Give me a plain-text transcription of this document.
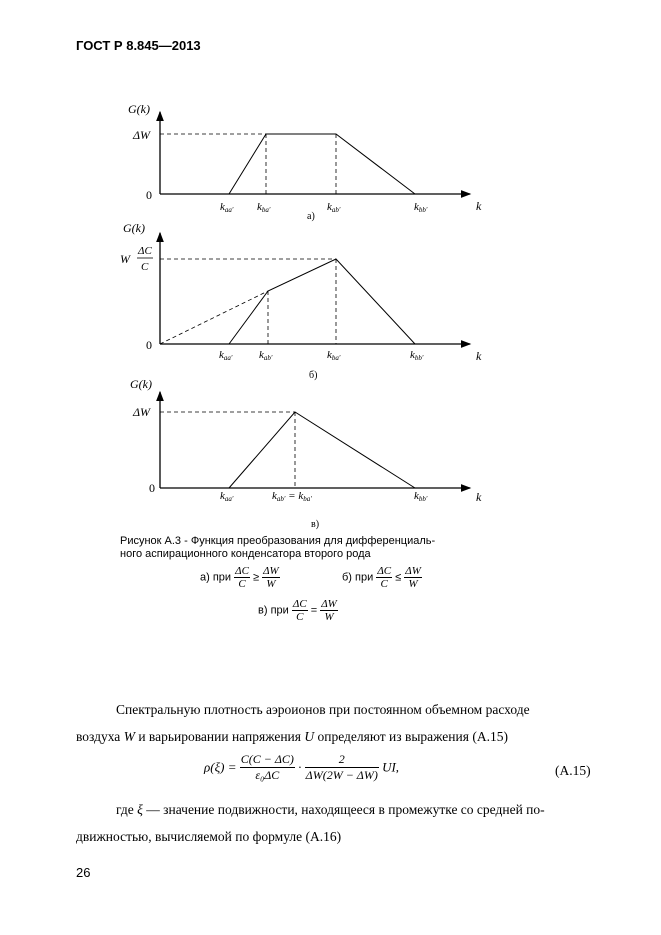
ГОСТ Р 8.845—2013
G(k)
ΔW
0
k
kaa' kba'	kab'	kbb'
а)
G(k)
W
ΔC
C
0
k
kaa' kab'	kba'	kbb'
б)
G(k)
ΔW
0
k
kaa'	kab' = kba'	kbb'
в)
Рисунок А.3 - Функция преобразования для дифференциаль-
ного аспирационного конденсатора второго рода
а) при $\frac{\Delta C}{C} \ge \frac{\Delta W}{W}$	б) при $\frac{\Delta C}{C} \le \frac{\Delta W}{W}$
в) при $\frac{\Delta C}{C} = \frac{\Delta W}{W}$
Спектральную плотность аэроионов при постоянном объемном расходе
воздуха W и варьировании напряжения U определяют из выражения (А.15)
$\rho(\xi) = \frac{C(C - \Delta C)}{\text{ε₀ΔC}} \cdot \frac{2}{\Delta W(2W - \Delta W)}$ UI,	(А.15)
где ξ — значение подвижности, находящееся в промежутке со средней по-
движностью, вычисляемой по формуле (А.16)
26
